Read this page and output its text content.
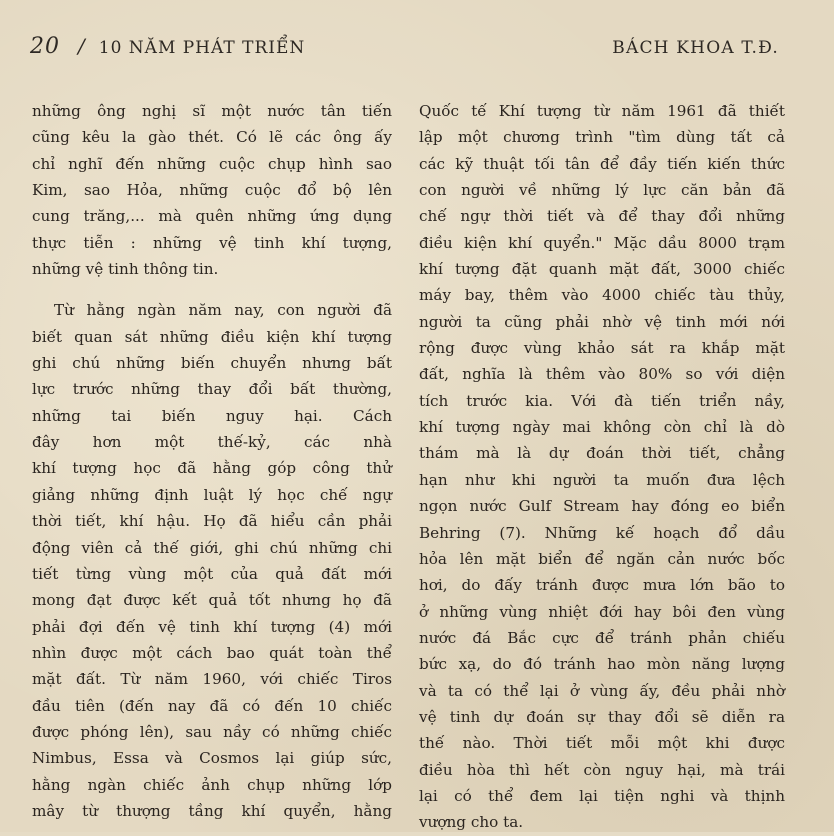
20 / 10 NĂM PHÁT TRIỂN	BÁCH KHOA T.Đ.
những ông nghị sĩ một nước tân tiến
cũng kêu la gào thét. Có lẽ các ông ấy
chỉ nghĩ đến những cuộc chụp hình sao
Kim, sao Hỏa, những cuộc đổ bộ lên
cung trăng,... mà quên những ứng dụng
thực tiễn : những vệ tinh khí tượng,
những vệ tinh thông tin.
Từ hằng ngàn năm nay, con người đã
biết quan sát những điều kiện khí tượng
ghi chú những biến chuyển nhưng bất
lực trước những thay đổi bất thường,
những tai biến nguy hại. Cách
đây hơn một thế-kỷ, các nhà
khí tượng học đã hằng góp công thử
giảng những định luật lý học chế ngự
thời tiết, khí hậu. Họ đã hiểu cần phải
động viên cả thế giới, ghi chú những chi
tiết từng vùng một của quả đất mới
mong đạt được kết quả tốt nhưng họ đã
phải đợi đến vệ tinh khí tượng (4) mới
nhìn được một cách bao quát toàn thể
mặt đất. Từ năm 1960, với chiếc Tiros
đầu tiên (đến nay đã có đến 10 chiếc
được phóng lên), sau nầy có những chiếc
Nimbus, Essa và Cosmos lại giúp sức,
hằng ngàn chiếc ảnh chụp những lớp
mây từ thượng tầng khí quyển, hằng
Quốc tế Khí tượng từ năm 1961 đã thiết
lập một chương trình "tìm dùng tất cả
các kỹ thuật tối tân để đầy tiến kiến thức
con người về những lý lực căn bản đã
chế ngự thời tiết và để thay đổi những
điều kiện khí quyển." Mặc dầu 8000 trạm
khí tượng đặt quanh mặt đất, 3000 chiếc
máy bay, thêm vào 4000 chiếc tàu thủy,
người ta cũng phải nhờ vệ tinh mới nới
rộng được vùng khảo sát ra khắp mặt
đất, nghĩa là thêm vào 80% so với diện
tích trước kia. Với đà tiến triển nầy,
khí tượng ngày mai không còn chỉ là dò
thám mà là dự đoán thời tiết, chẳng
hạn như khi người ta muốn đưa lệch
ngọn nước Gulf Stream hay đóng eo biển
Behring (7). Những kế hoạch đổ dầu
hỏa lên mặt biển để ngăn cản nước bốc
hơi, do đấy tránh được mưa lớn bão to
ở những vùng nhiệt đới hay bôi đen vùng
nước đá Bắc cực để tránh phản chiếu
bức xạ, do đó tránh hao mòn năng lượng
và ta có thể lại ở vùng ấy, đều phải nhờ
vệ tinh dự đoán sự thay đổi sẽ diễn ra
thế nào. Thời tiết mỗi một khi được
điều hòa thì hết còn nguy hại, mà trái
lại có thể đem lại tiện nghi và thịnh
vượng cho ta.
